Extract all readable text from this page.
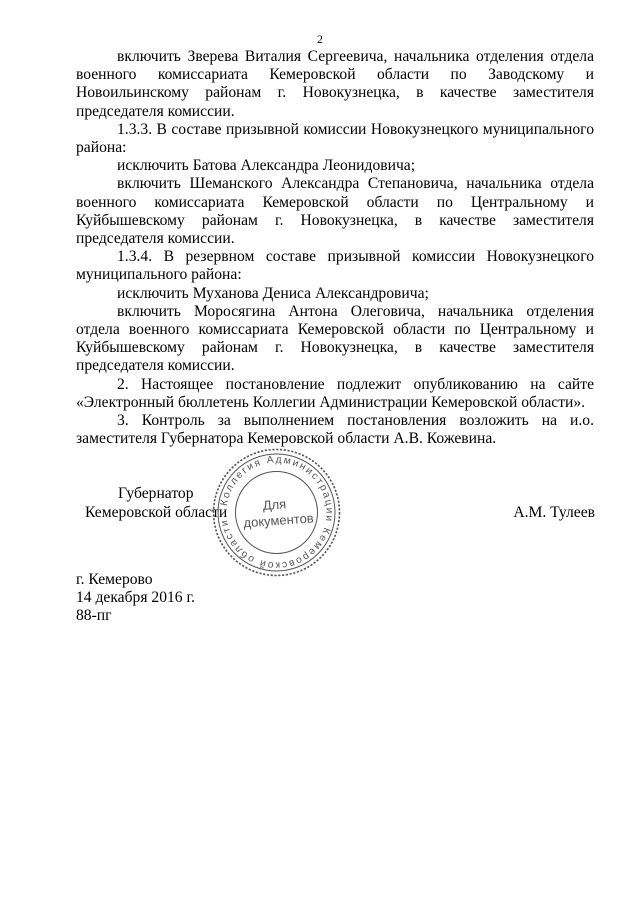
2

включить Зверева Виталия Сергеевича, начальника отделения отдела военного комиссариата Кемеровской области по Заводскому и Новоильинскому районам г. Новокузнецка, в качестве заместителя председателя комиссии.

1.3.3. В составе призывной комиссии Новокузнецкого муниципального района:

исключить Батова Александра Леонидовича;

включить Шеманского Александра Степановича, начальника отдела военного комиссариата Кемеровской области по Центральному и Куйбышевскому районам г. Новокузнецка, в качестве заместителя председателя комиссии.

1.3.4. В резервном составе призывной комиссии Новокузнецкого муниципального района:

исключить Муханова Дениса Александровича;

включить Моросягина Антона Олеговича, начальника отделения отдела военного комиссариата Кемеровской области по Центральному и Куйбышевскому районам г. Новокузнецка, в качестве заместителя председателя комиссии.

2. Настоящее постановление подлежит опубликованию на сайте «Электронный бюллетень Коллегии Администрации Кемеровской области».

3. Контроль за выполнением постановления возложить на и.о. заместителя Губернатора Кемеровской области А.В. Кожевина.

Губернатор
Кемеровской области	А.М. Тулеев
Коллегия Администрации Кемеровской области
Для
документов
г. Кемерово
14 декабря 2016 г.
88-пг
